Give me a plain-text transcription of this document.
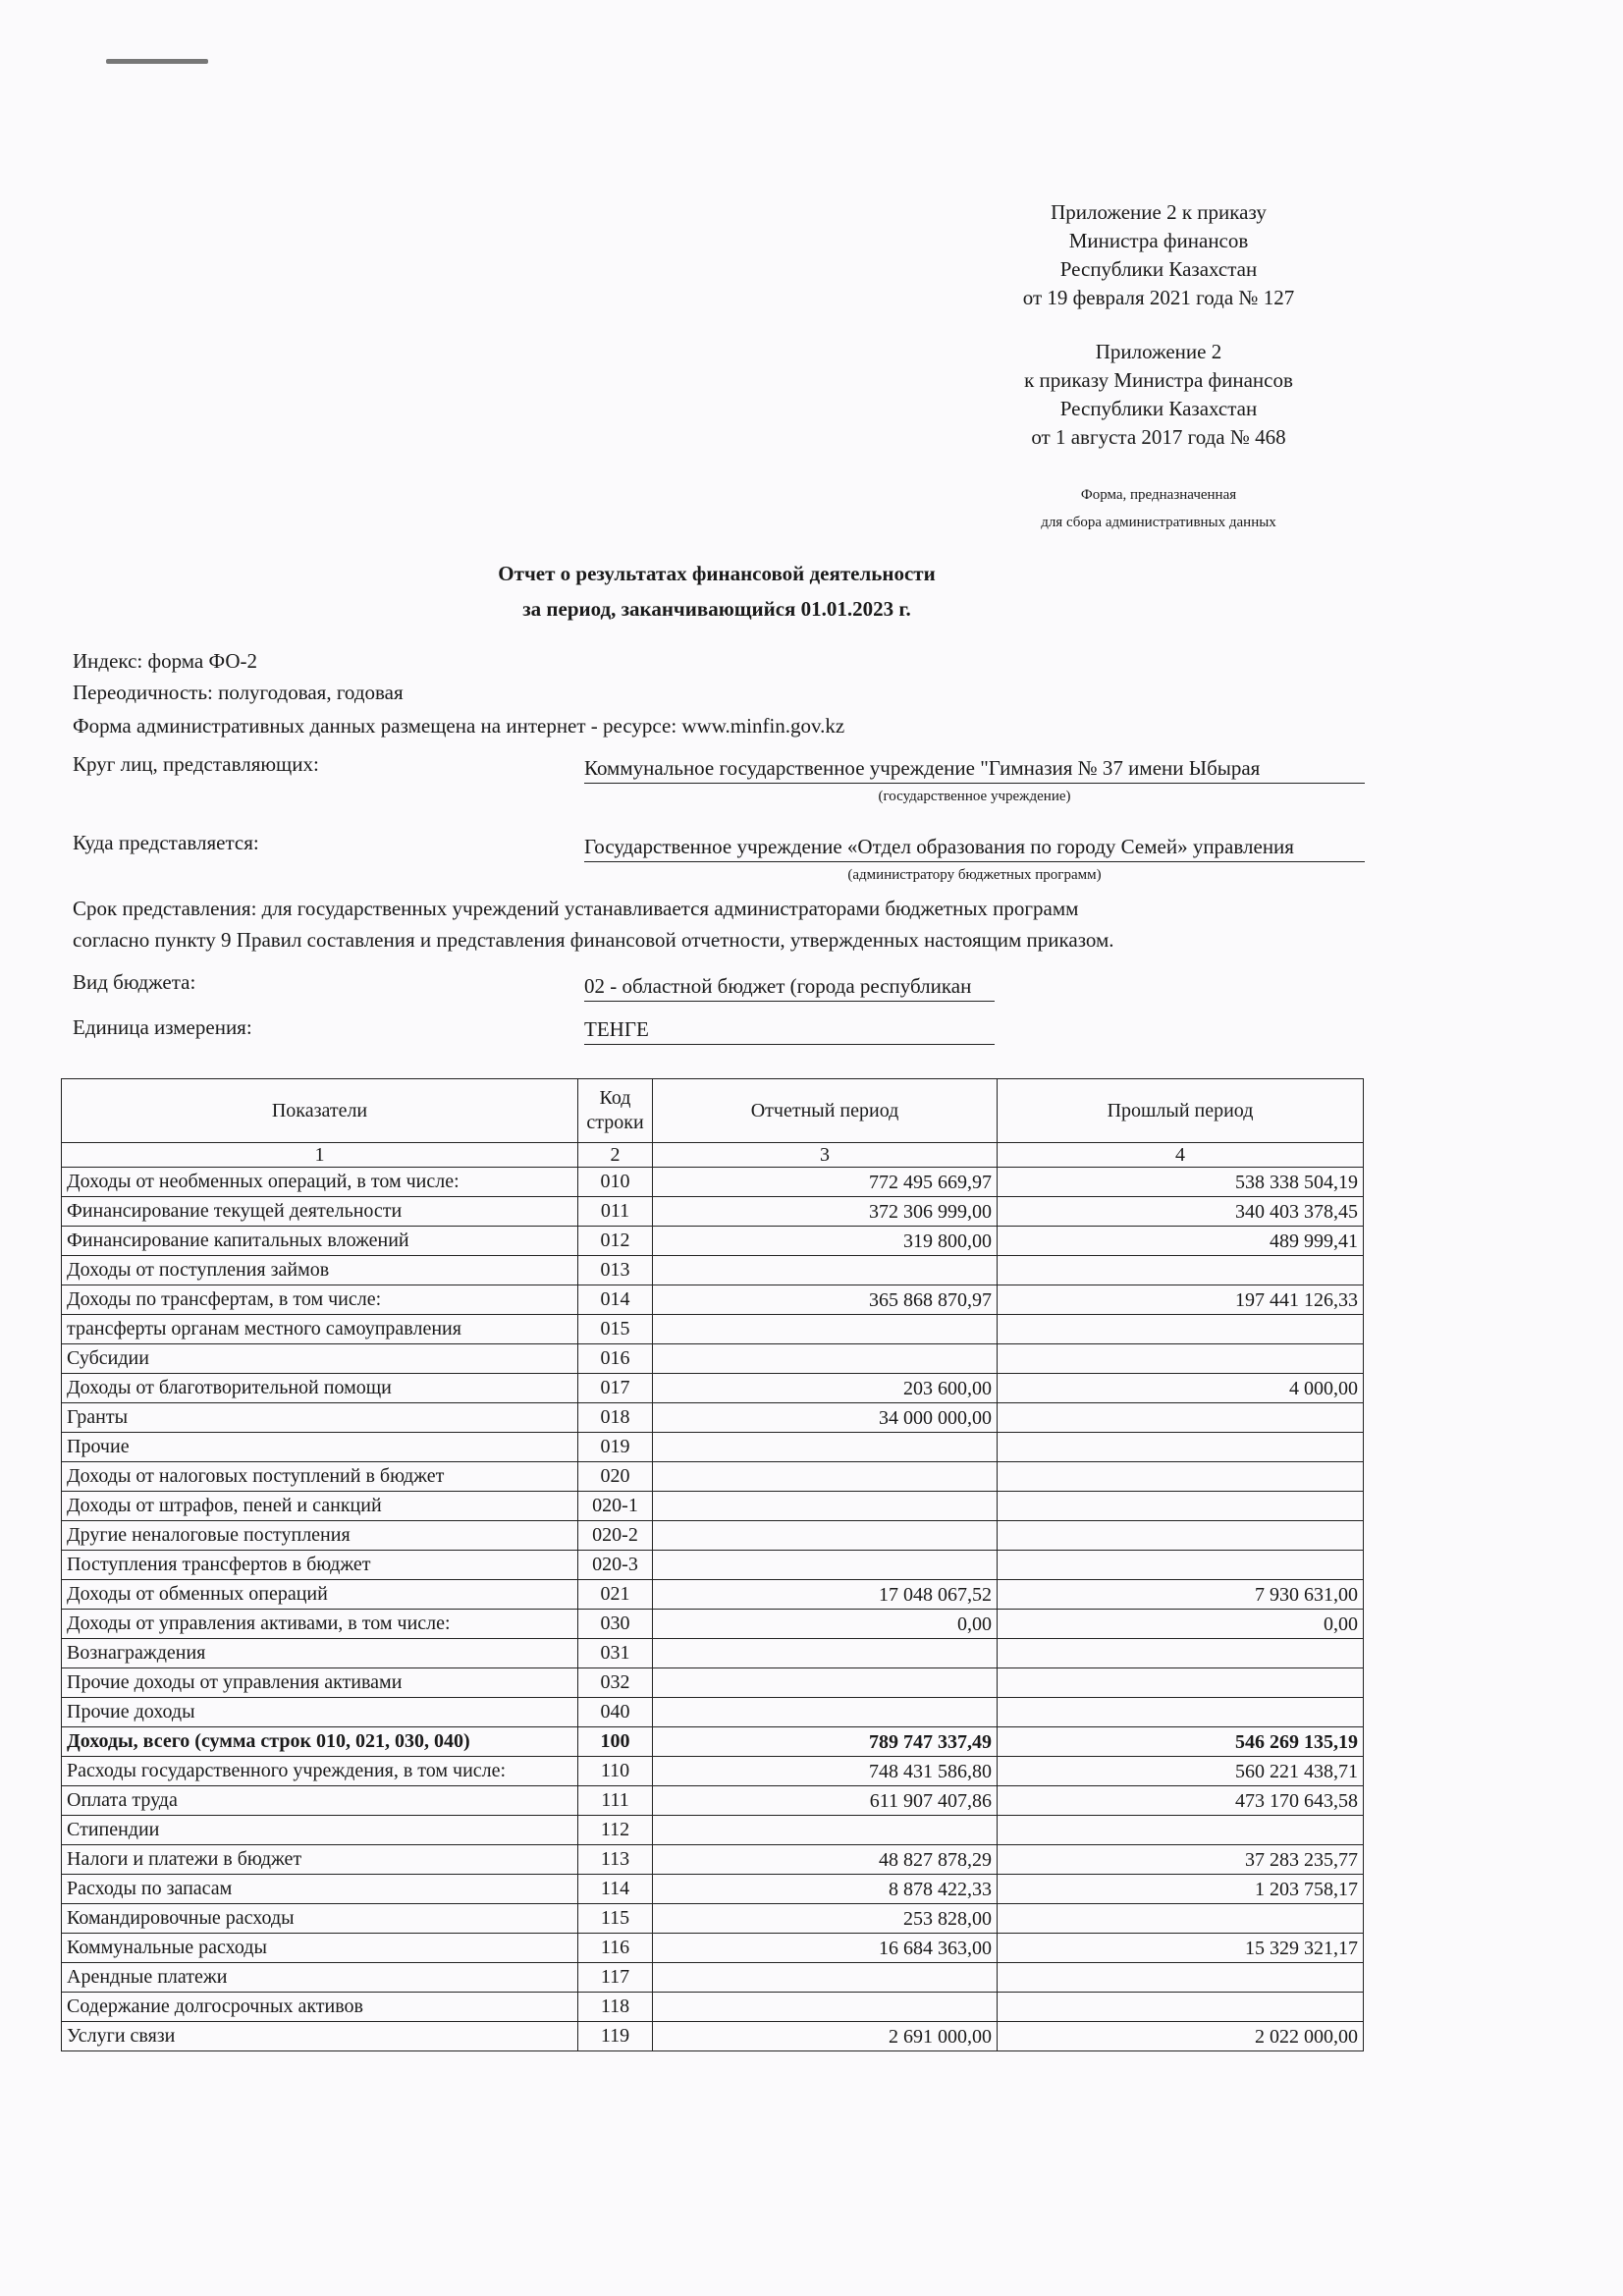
Приложение 2 к приказу
Министра финансов
Республики Казахстан
от 19 февраля 2021 года № 127
Приложение 2
к приказу Министра финансов
Республики Казахстан
от 1 августа 2017 года № 468
Форма, предназначенная
для сбора административных данных
Отчет о результатах финансовой деятельности
за период, заканчивающийся 01.01.2023 г.
Индекс: форма ФО-2
Переодичность: полугодовая, годовая
Форма административных данных размещена на интернет - ресурсе: www.minfin.gov.kz
Круг лиц, представляющих:	Коммунальное государственное учреждение "Гимназия № 37 имени Ыбырая
(государственное учреждение)
Куда представляется:	Государственное учреждение «Отдел образования по городу Семей» управления
(администратору бюджетных программ)
Срок представления: для государственных учреждений устанавливается администраторами бюджетных программ
согласно пункту 9 Правил составления и представления финансовой отчетности, утвержденных настоящим приказом.
Вид бюджета:	02 - областной бюджет (города республикан
Единица измерения:	ТЕНГЕ
Показатели	Код строки	Отчетный период	Прошлый период
1	2	3	4
Доходы от необменных операций, в том числе:	010	772 495 669,97	538 338 504,19
Финансирование текущей деятельности	011	372 306 999,00	340 403 378,45
Финансирование капитальных вложений	012	319 800,00	489 999,41
Доходы от поступления займов	013		
Доходы по трансфертам, в том числе:	014	365 868 870,97	197 441 126,33
трансферты органам местного самоуправления	015		
Субсидии	016		
Доходы от благотворительной помощи	017	203 600,00	4 000,00
Гранты	018	34 000 000,00	
Прочие	019		
Доходы от налоговых поступлений в бюджет	020		
Доходы от штрафов, пеней и санкций	020-1		
Другие неналоговые поступления	020-2		
Поступления трансфертов в бюджет	020-3		
Доходы от обменных операций	021	17 048 067,52	7 930 631,00
Доходы от управления активами, в том числе:	030	0,00	0,00
Вознаграждения	031		
Прочие доходы от управления активами	032		
Прочие доходы	040		
Доходы, всего (сумма строк 010, 021, 030, 040)	100	789 747 337,49	546 269 135,19
Расходы государственного учреждения, в том числе:	110	748 431 586,80	560 221 438,71
Оплата труда	111	611 907 407,86	473 170 643,58
Стипендии	112		
Налоги и платежи в бюджет	113	48 827 878,29	37 283 235,77
Расходы по запасам	114	8 878 422,33	1 203 758,17
Командировочные расходы	115	253 828,00	
Коммунальные расходы	116	16 684 363,00	15 329 321,17
Арендные платежи	117		
Содержание долгосрочных активов	118		
Услуги связи	119	2 691 000,00	2 022 000,00
